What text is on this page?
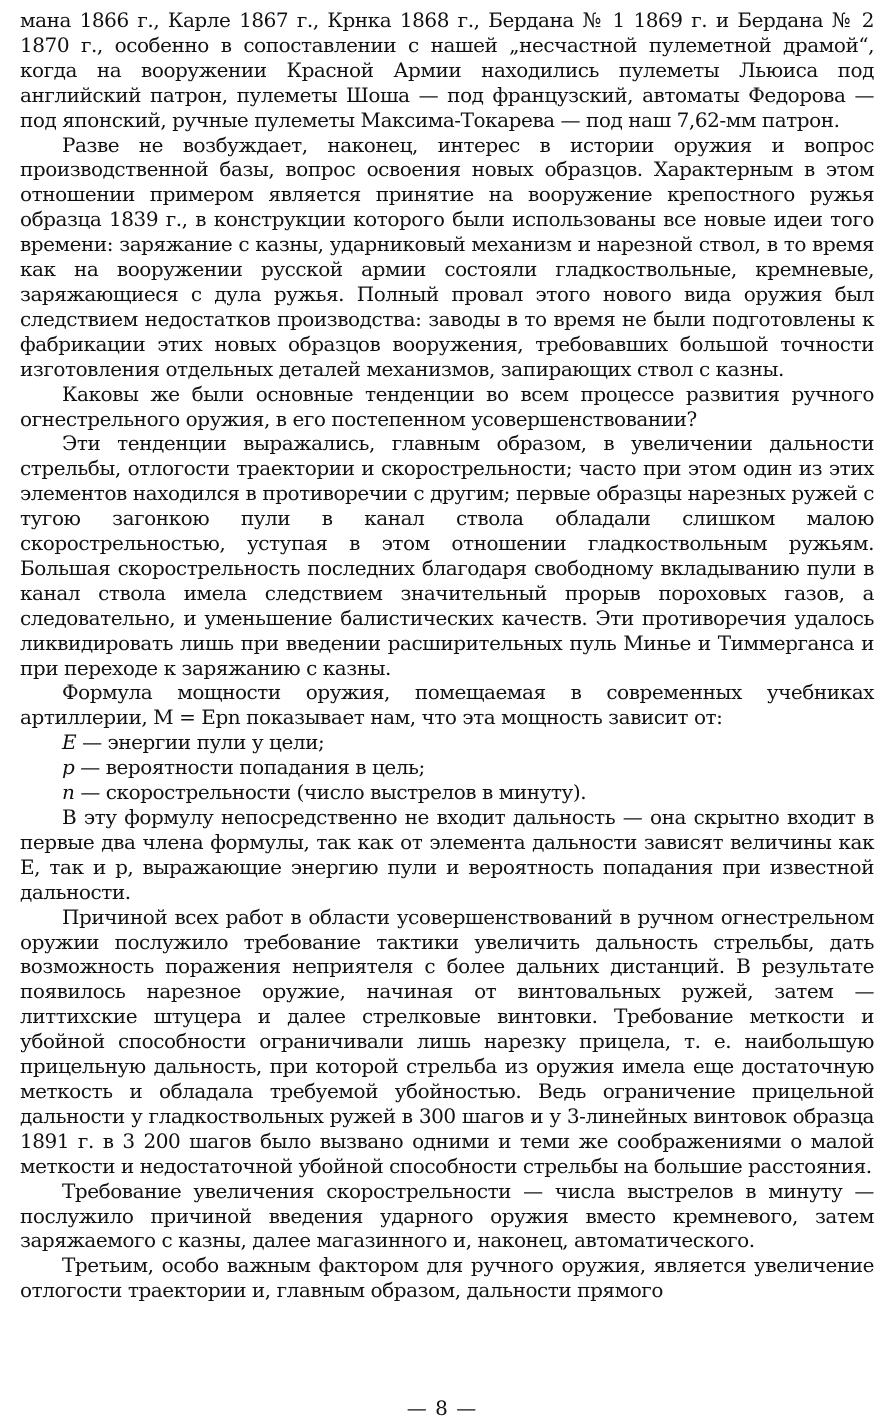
мана 1866 г., Карле 1867 г., Крнка 1868 г., Бердана № 1 1869 г. и Бердана № 2 1870 г., особенно в сопоставлении с нашей „несчастной пулеметной драмой“, когда на вооружении Красной Армии находились пулеметы Льюиса под английский патрон, пулеметы Шоша — под французский, автоматы Федорова — под японский, ручные пулеметы Максима-Токарева — под наш 7,62-мм патрон.

Разве не возбуждает, наконец, интерес в истории оружия и вопрос производственной базы, вопрос освоения новых образцов. Характерным в этом отношении примером является принятие на вооружение крепостного ружья образца 1839 г., в конструкции которого были использованы все новые идеи того времени: заряжание с казны, ударниковый механизм и нарезной ствол, в то время как на вооружении русской армии состояли гладкоствольные, кремневые, заряжающиеся с дула ружья. Полный провал этого нового вида оружия был следствием недостатков производства: заводы в то время не были подготовлены к фабрикации этих новых образцов вооружения, требовавших большой точности изготовления отдельных деталей механизмов, запирающих ствол с казны.

Каковы же были основные тенденции во всем процессе развития ручного огнестрельного оружия, в его постепенном усовершенствовании?

Эти тенденции выражались, главным образом, в увеличении дальности стрельбы, отлогости траектории и скорострельности; часто при этом один из этих элементов находился в противоречии с другим; первые образцы нарезных ружей с тугою загонкою пули в канал ствола обладали слишком малою скорострельностью, уступая в этом отношении гладкоствольным ружьям. Большая скорострельность последних благодаря свободному вкладыванию пули в канал ствола имела следствием значительный прорыв пороховых газов, а следовательно, и уменьшение балистических качеств. Эти противоречия удалось ликвидировать лишь при введении расширительных пуль Минье и Тиммерганса и при переходе к заряжанию с казны.

Формула мощности оружия, помещаемая в современных учебниках артиллерии, M = Epn показывает нам, что эта мощность зависит от:

E — энергии пули у цели;

p — вероятности попадания в цель;

n — скорострельности (число выстрелов в минуту).

В эту формулу непосредственно не входит дальность — она скрытно входит в первые два члена формулы, так как от элемента дальности зависят величины как E, так и p, выражающие энергию пули и вероятность попадания при известной дальности.

Причиной всех работ в области усовершенствований в ручном огнестрельном оружии послужило требование тактики увеличить дальность стрельбы, дать возможность поражения неприятеля с более дальних дистанций. В результате появилось нарезное оружие, начиная от винтовальных ружей, затем — литтихские штуцера и далее стрелковые винтовки. Требование меткости и убойной способности ограничивали лишь нарезку прицела, т. е. наибольшую прицельную дальность, при которой стрельба из оружия имела еще достаточную меткость и обладала требуемой убойностью. Ведь ограничение прицельной дальности у гладкоствольных ружей в 300 шагов и у 3-линейных винтовок образца 1891 г. в 3 200 шагов было вызвано одними и теми же соображениями о малой меткости и недостаточной убойной способности стрельбы на большие расстояния.

Требование увеличения скорострельности — числа выстрелов в минуту — послужило причиной введения ударного оружия вместо кремневого, затем заряжаемого с казны, далее магазинного и, наконец, автоматического.

Третьим, особо важным фактором для ручного оружия, является увеличение отлогости траектории и, главным образом, дальности прямого

— 8 —
